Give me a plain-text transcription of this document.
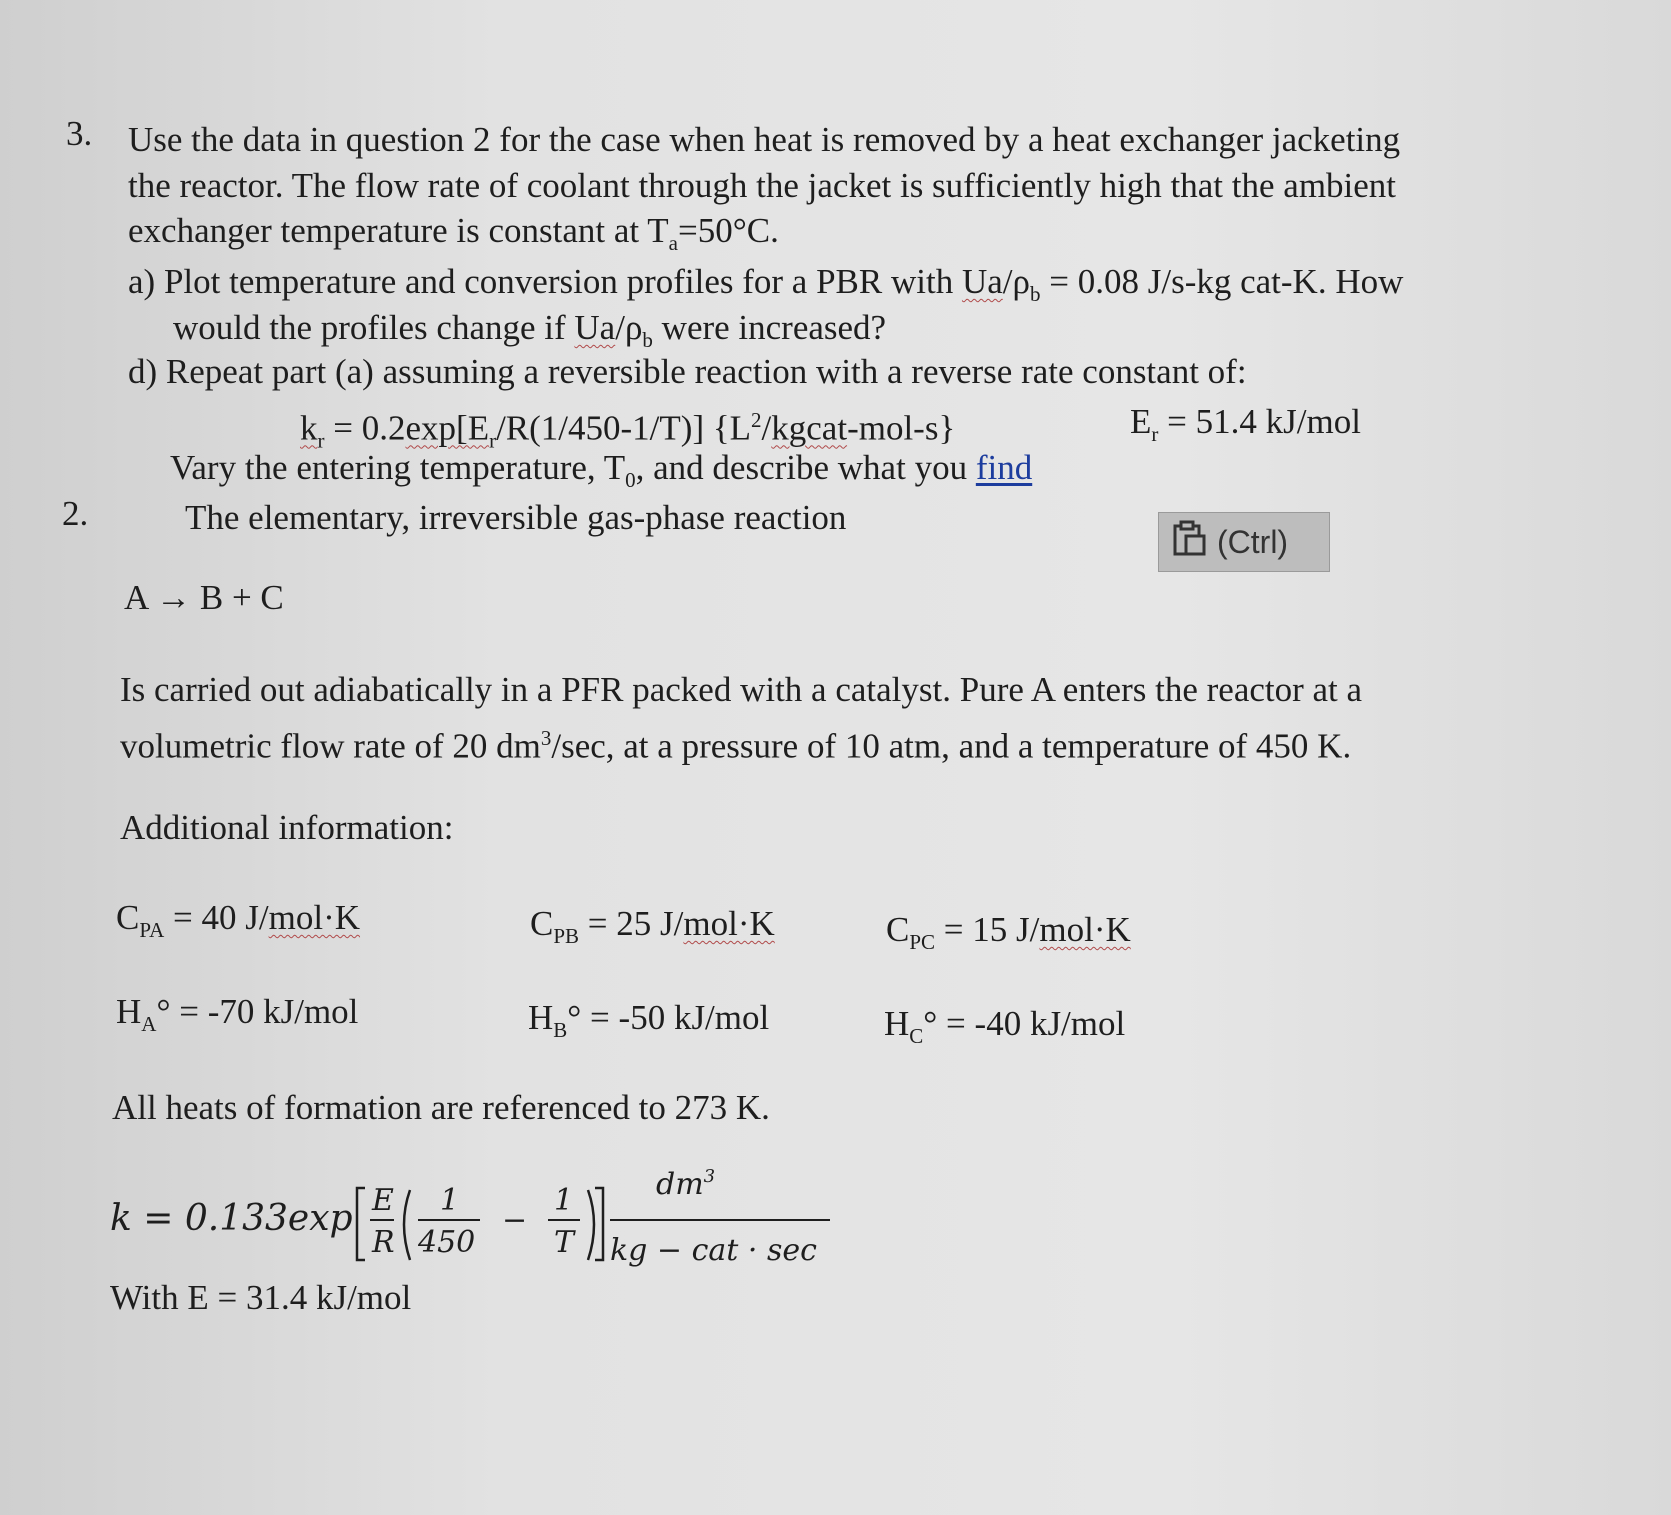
3. Use the data in question 2 for the case when heat is removed by a heat exchanger jacketing
the reactor. The flow rate of coolant through the jacket is sufficiently high that the ambient
exchanger temperature is constant at $T_a=50^\circ C$.
a) Plot temperature and conversion profiles for a PBR with $Ua/\rho_b = 0.08$ J/s-kg cat-K. How
would the profiles change if $Ua/\rho_b$ were increased?
d) Repeat part (a) assuming a reversible reaction with a reverse rate constant of:
$k_r = 0.2\exp[E_r/R(1/450-1/T)]$ $\{L^2/kgcat-mol-s\}$	$E_r = 51.4$ kJ/mol
Vary the entering temperature, $T_0$, and describe what you find
2.	The elementary, irreversible gas-phase reaction
(Ctrl)
A → B + C
Is carried out adiabatically in a PFR packed with a catalyst. Pure A enters the reactor at a
volumetric flow rate of 20 $dm^3/\sec$, at a pressure of 10 atm, and a temperature of 450 K.
Additional information:
$C_{PA} = 40$ J/mol·K	$C_{PB} = 25$ J/mol·K	$C_{PC} = 15$ J/mol·K
$H_A^\circ = -70$ kJ/mol	$H_B^\circ = -50$ kJ/mol	$H_C^\circ = -40$ kJ/mol
All heats of formation are referenced to 273 K.
k = 0.133exp E
R
1
450
−
1
T
$dm^3$
kg − cat · sec
With E = 31.4 kJ/mol
